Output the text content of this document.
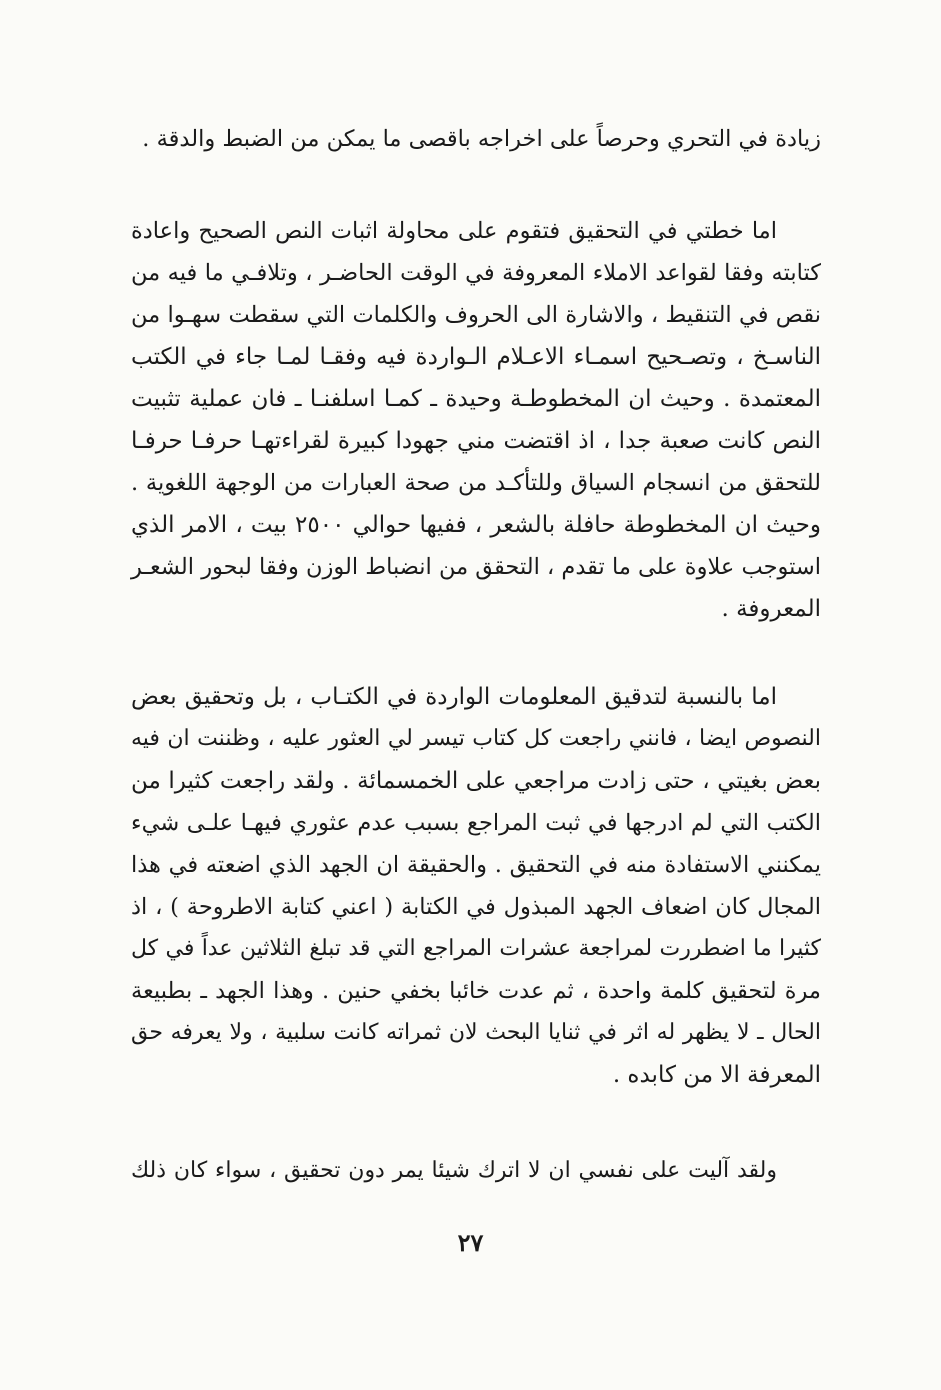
زيادة في التحري وحرصاً على اخراجه باقصى ما يمكن من الضبط والدقة .

اما خطتي في التحقيق فتقوم على محاولة اثبات النص الصحيح واعادة
كتابته وفقا لقواعد الاملاء المعروفة في الوقت الحاضـر ، وتلافـي ما فيه من
نقص في التنقيط ، والاشارة الى الحروف والكلمات التي سقطت سهـوا من
الناسـخ ، وتصـحيح اسمـاء الاعـلام الـواردة فيه وفقـا لمـا جاء في الكتب
المعتمدة . وحيث ان المخطوطـة وحيدة ـ كمـا اسلفنـا ـ فان عملية تثبيت
النص كانت صعبة جدا ، اذ اقتضت مني جهودا كبيرة لقراءتهـا حرفـا حرفـا
للتحقق من انسجام السياق وللتأكـد من صحة العبارات من الوجهة اللغوية .
وحيث ان المخطوطة حافلة بالشعر ، ففيها حوالي ٢٥٠٠ بيت ، الامر الذي
استوجب علاوة على ما تقدم ، التحقق من انضباط الوزن وفقا لبحور الشعـر
المعروفة .

اما بالنسبة لتدقيق المعلومات الواردة في الكتـاب ، بل وتحقيق بعض
النصوص ايضا ، فانني راجعت كل كتاب تيسر لي العثور عليه ، وظننت ان فيه
بعض بغيتي ، حتى زادت مراجعي على الخمسمائة . ولقد راجعت كثيرا من
الكتب التي لم ادرجها في ثبت المراجع بسبب عدم عثوري فيهـا علـى شيء
يمكنني الاستفادة منه في التحقيق . والحقيقة ان الجهد الذي اضعته في هذا
المجال كان اضعاف الجهد المبذول في الكتابة ( اعني كتابة الاطروحة ) ، اذ
كثيرا ما اضطررت لمراجعة عشرات المراجع التي قد تبلغ الثلاثين عداً في كل
مرة لتحقيق كلمة واحدة ، ثم عدت خائبا بخفي حنين . وهذا الجهد ـ بطبيعة
الحال ـ لا يظهر له اثر في ثنايا البحث لان ثمراته كانت سلبية ، ولا يعرفه حق
المعرفة الا من كابده .

ولقد آليت على نفسي ان لا اترك شيئا يمر دون تحقيق ، سواء كان ذلك

٢٧
